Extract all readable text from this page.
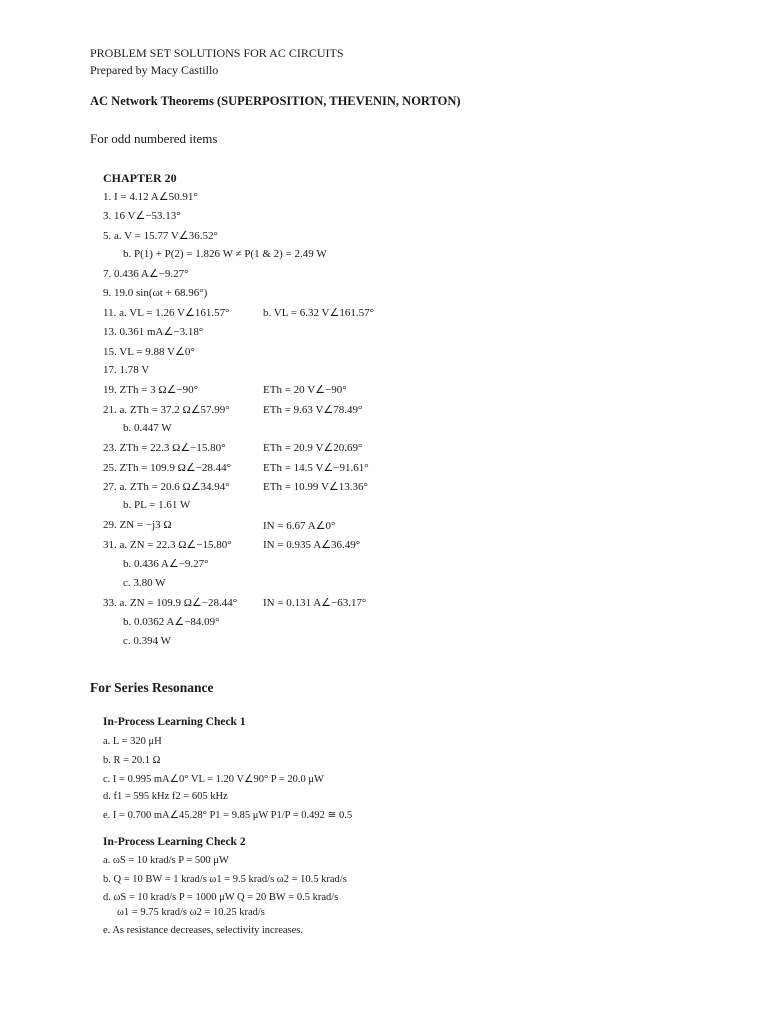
PROBLEM SET SOLUTIONS FOR AC CIRCUITS
Prepared by Macy Castillo
AC Network Theorems (SUPERPOSITION, THEVENIN, NORTON)
For odd numbered items
CHAPTER 20
1. I = 4.12 A∠50.91°
3. 16 V∠−53.13°
5. a. V = 15.77 V∠36.52°
b. P(1) + P(2) = 1.826 W ≠ P(1 & 2) = 2.49 W
7. 0.436 A∠−9.27°
9. 19.0 sin(ωt + 68.96°)
11. a. VL = 1.26 V∠161.57°
13. 0.361 mA∠−3.18°
15. VL = 9.88 V∠0°
17. 1.78 V
19. ZTh = 3 Ω∠−90°
21. a. ZTh = 37.2 Ω∠57.99°
b. 0.447 W
23. ZTh = 22.3 Ω∠−15.80°
25. ZTh = 109.9 Ω∠−28.44°
27. a. ZTh = 20.6 Ω∠34.94°
b. PL = 1.61 W
29. ZN = −j3 Ω
31. a. ZN = 22.3 Ω∠−15.80°
b. 0.436 A∠−9.27°
c. 3.80 W
33. a. ZN = 109.9 Ω∠−28.44°
b. 0.0362 A∠−84.09°
c. 0.394 W
b. VL = 6.32 V∠161.57°
ETh = 20 V∠−90°
ETh = 9.63 V∠78.49°
ETh = 20.9 V∠20.69°
ETh = 14.5 V∠−91.61°
ETh = 10.99 V∠13.36°
IN = 6.67 A∠0°
IN = 0.935 A∠36.49°
IN = 0.131 A∠−63.17°
For Series Resonance
In-Process Learning Check 1
a. L = 320 μH
b. R = 20.1 Ω
c. I = 0.995 mA∠0° VL = 1.20 V∠90° P = 20.0 μW
d. f1 = 595 kHz f2 = 605 kHz
e. I = 0.700 mA∠45.28° P1 = 9.85 μW P1/P = 0.492 ≅ 0.5
In-Process Learning Check 2
a. ωS = 10 krad/s P = 500 μW
b. Q = 10 BW = 1 krad/s ω1 = 9.5 krad/s ω2 = 10.5 krad/s
d. ωS = 10 krad/s P = 1000 μW Q = 20 BW = 0.5 krad/s
ω1 = 9.75 krad/s ω2 = 10.25 krad/s
e. As resistance decreases, selectivity increases.
